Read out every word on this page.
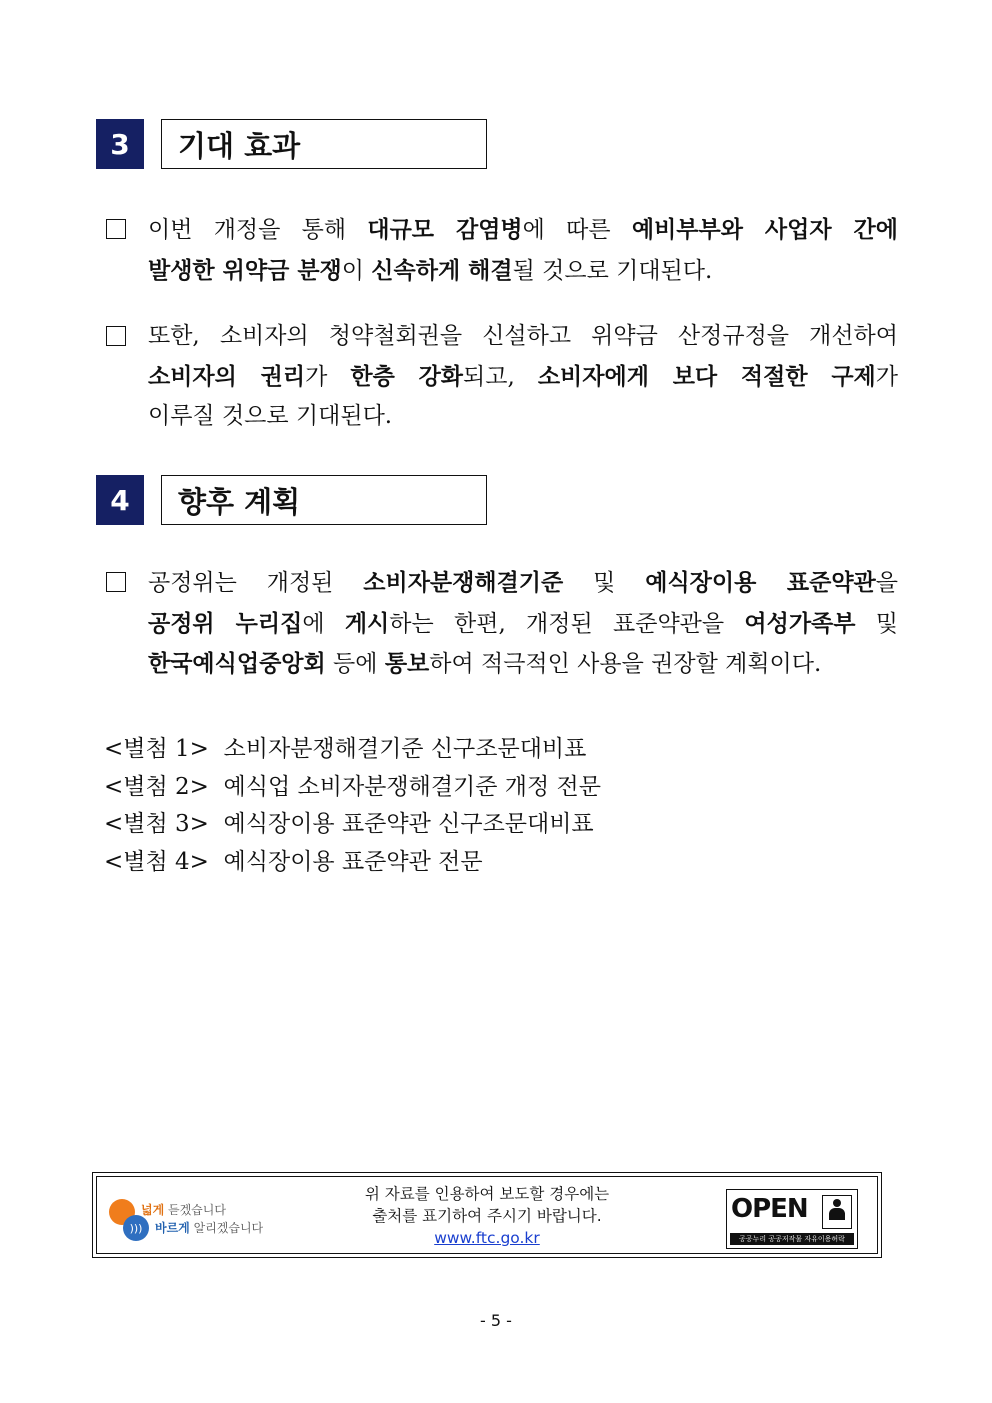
3	기대 효과
이번 개정을 통해 대규모 감염병에 따른 예비부부와 사업자 간에
발생한 위약금 분쟁이 신속하게 해결될 것으로 기대된다.
또한, 소비자의 청약철회권을 신설하고 위약금 산정규정을 개선하여
소비자의 권리가 한층 강화되고, 소비자에게 보다 적절한 구제가
이루질 것으로 기대된다.
4	향후 계획
공정위는 개정된 소비자분쟁해결기준 및 예식장이용 표준약관을
공정위 누리집에 게시하는 한편, 개정된 표준약관을 여성가족부 및
한국예식업중앙회 등에 통보하여 적극적인 사용을 권장할 계획이다.
<별첨 1>  소비자분쟁해결기준 신구조문대비표
<별첨 2>  예식업 소비자분쟁해결기준 개정 전문
<별첨 3>  예식장이용 표준약관 신구조문대비표
<별첨 4>  예식장이용 표준약관 전문
)))
넓게 듣겠습니다
바르게 알리겠습니다
위 자료를 인용하여 보도할 경우에는
출처를 표기하여 주시기 바랍니다.
www.ftc.go.kr
OPEN
공공누리 공공저작물 자유이용허락
- 5 -
